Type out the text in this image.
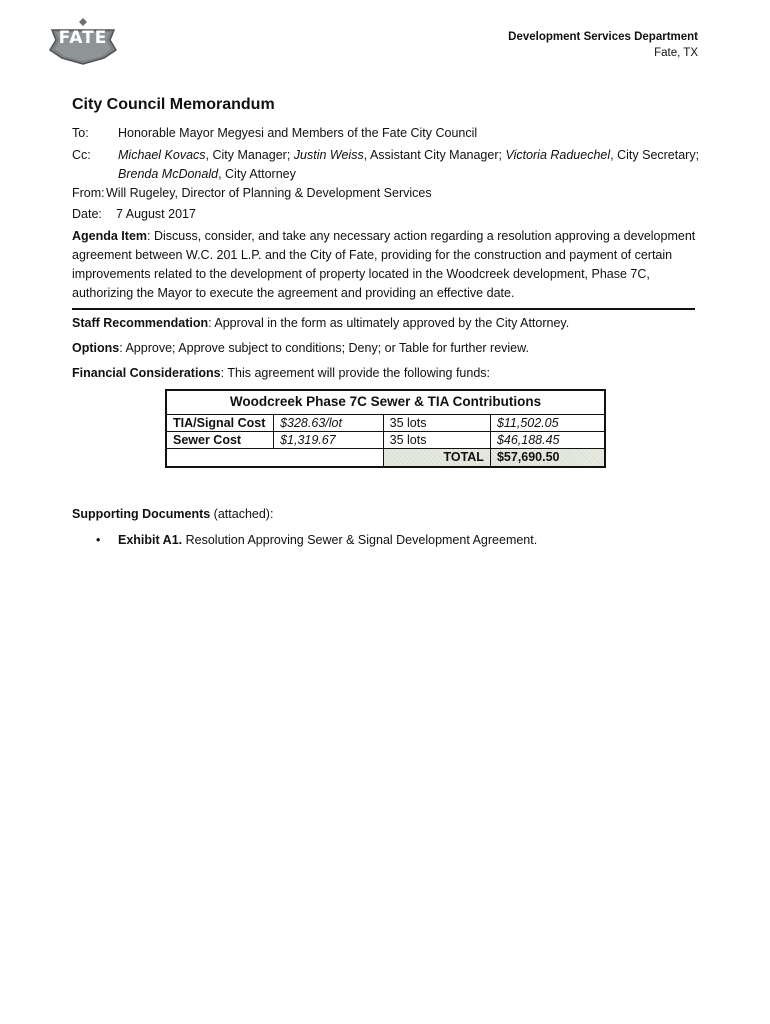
FATE	Development Services Department
Fate, TX
City Council Memorandum
To: Honorable Mayor Megyesi and Members of the Fate City Council
Cc: Michael Kovacs, City Manager; Justin Weiss, Assistant City Manager; Victoria Raduechel, City Secretary;
Brenda McDonald, City Attorney
From: Will Rugeley, Director of Planning & Development Services
Date: 7 August 2017
Agenda Item: Discuss, consider, and take any necessary action regarding a resolution approving a development agreement between W.C. 201 L.P. and the City of Fate, providing for the construction and payment of certain improvements related to the development of property located in the Woodcreek development, Phase 7C, authorizing the Mayor to execute the agreement and providing an effective date.
Staff Recommendation: Approval in the form as ultimately approved by the City Attorney.
Options: Approve; Approve subject to conditions; Deny; or Table for further review.
Financial Considerations: This agreement will provide the following funds:
Woodcreek Phase 7C Sewer & TIA Contributions			
TIA/Signal Cost	$328.63/lot	35 lots	$11,502.05
Sewer Cost	$1,319.67	35 lots	$46,188.45
		TOTAL	$57,690.50
Supporting Documents (attached):
• Exhibit A1. Resolution Approving Sewer & Signal Development Agreement.
